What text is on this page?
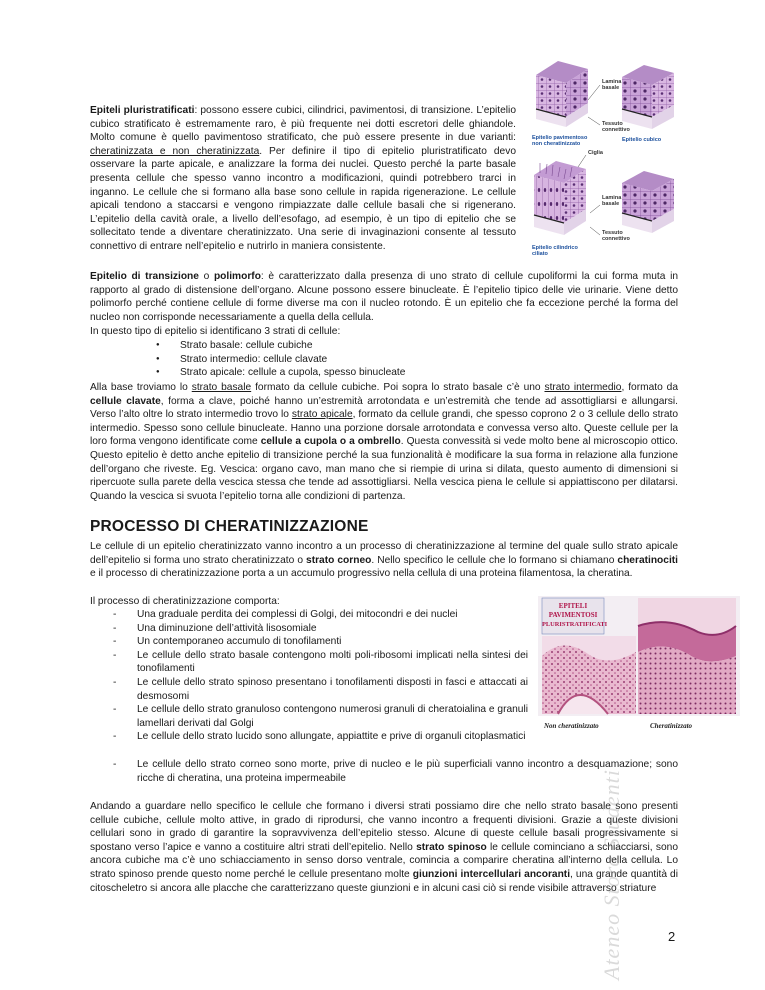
Lamina basale
Tessuto connettivo
Epitelio pavimentoso non cheratinizzato
Epitelio cubico
Ciglia
Lamina basale
Tessuto connettivo
Epitelio cilindrico ciliato

Epiteli pluristratificati: possono essere cubici, cilindrici, pavimentosi, di transizione. L’epitelio cubico stratificato è estremamente raro, è più frequente nei dotti escretori delle ghiandole. Molto comune è quello pavimentoso stratificato, che può essere presente in due varianti: cheratinizzata e non cheratinizzata. Per definire il tipo di epitelio pluristratificato devo osservare la parte apicale, e analizzare la forma dei nuclei. Questo perché la parte basale presenta cellule che spesso vanno incontro a modificazioni, quindi potrebbero trarci in inganno. Le cellule che si formano alla base sono cellule in rapida rigenerazione. Le cellule apicali tendono a staccarsi e vengono rimpiazzate dalle cellule basali che si rigenerano. L’epitelio della cavità orale, a livello dell’esofago, ad esempio, è un tipo di epitelio che se sollecitato tende a diventare cheratinizzato. Una serie di invaginazioni consente al tessuto connettivo di entrare nell’epitelio e nutrirlo in maniera consistente.

Epitelio di transizione o polimorfo: è caratterizzato dalla presenza di uno strato di cellule cupoliformi la cui forma muta in rapporto al grado di distensione dell’organo. Alcune possono essere binucleate. È l’epitelio tipico delle vie urinarie. Viene detto polimorfo perché contiene cellule di forme diverse ma con il nucleo rotondo. È un epitelio che fa eccezione perché la forma del nucleo non corrisponde necessariamente a quella della cellula.

In questo tipo di epitelio si identificano 3 strati di cellule:
● Strato basale: cellule cubiche
● Strato intermedio: cellule clavate
● Strato apicale: cellule a cupola, spesso binucleate

Alla base troviamo lo strato basale formato da cellule cubiche. Poi sopra lo strato basale c’è uno strato intermedio, formato da cellule clavate, forma a clave, poiché hanno un’estremità arrotondata e un’estremità che tende ad assottigliarsi e allungarsi. Verso l’alto oltre lo strato intermedio trovo lo strato apicale, formato da cellule grandi, che spesso coprono 2 o 3 cellule dello strato intermedio. Spesso sono cellule binucleate. Hanno una porzione dorsale arrotondata e convessa verso alto. Queste cellule per la loro forma vengono identificate come cellule a cupola o a ombrello. Questa convessità si vede molto bene al microscopio ottico. Questo epitelio è detto anche epitelio di transizione perché la sua funzionalità è modificare la sua forma in relazione alla funzione dell’organo che riveste. Eg. Vescica: organo cavo, man mano che si riempie di urina si dilata, questo aumento di dimensioni si ripercuote sulla parete della vescica stessa che tende ad assottigliarsi. Nella vescica piena le cellule si appiattiscono per dilatarsi. Quando la vescica si svuota l’epitelio torna alle condizioni di partenza.

PROCESSO DI CHERATINIZZAZIONE

Le cellule di un epitelio cheratinizzato vanno incontro a un processo di cheratinizzazione al termine del quale sullo strato apicale dell’epitelio si forma uno strato cheratinizzato o strato corneo. Nello specifico le cellule che lo formano si chiamano cheratinociti e il processo di cheratinizzazione porta a un accumulo progressivo nella cellula di una proteina filamentosa, la cheratina.

Il processo di cheratinizzazione comporta:
- Una graduale perdita dei complessi di Golgi, dei mitocondri e dei nuclei
- Una diminuzione dell’attività lisosomiale
- Un contemporaneo accumulo di tonofilamenti
- Le cellule dello strato basale contengono molti poli-ribosomi implicati nella sintesi dei tonofilamenti
- Le cellule dello strato spinoso presentano i tonofilamenti disposti in fasci e attaccati ai desmosomi
- Le cellule dello strato granuloso contengono numerosi granuli di cheratoialina e granuli lamellari derivati dal Golgi
- Le cellule dello strato lucido sono allungate, appiattite e prive di organuli citoplasmatici
- Le cellule dello strato corneo sono morte, prive di nucleo e le più superficiali vanno incontro a desquamazione; sono ricche di cheratina, una proteina impermeabile
EPITELI
PAVIMENTOSI
PLURISTRATIFICATI
Non cheratinizzato	Cheratinizzato

Andando a guardare nello specifico le cellule che formano i diversi strati possiamo dire che nello strato basale sono presenti cellule cubiche, cellule molto attive, in grado di riprodursi, che vanno incontro a frequenti divisioni. Grazie a queste divisioni cellulari sono in grado di garantire la sopravvivenza dell’epitelio stesso. Alcune di queste cellule basali progressivamente si spostano verso l’apice e vanno a costituire altri strati dell’epitelio. Nello strato spinoso le cellule cominciano a schiacciarsi, sono ancora cubiche ma c’è uno schiacciamento in senso dorso ventrale, comincia a comparire cheratina all’interno della cellula. Lo strato spinoso prende questo nome perché le cellule presentano molte giunzioni intercellulari ancoranti, una grande quantità di citoscheletro si ancora alle placche che caratterizzano queste giunzioni e in alcuni casi ciò si rende visibile attraverso striature

Ateneo Store Studenti	2
